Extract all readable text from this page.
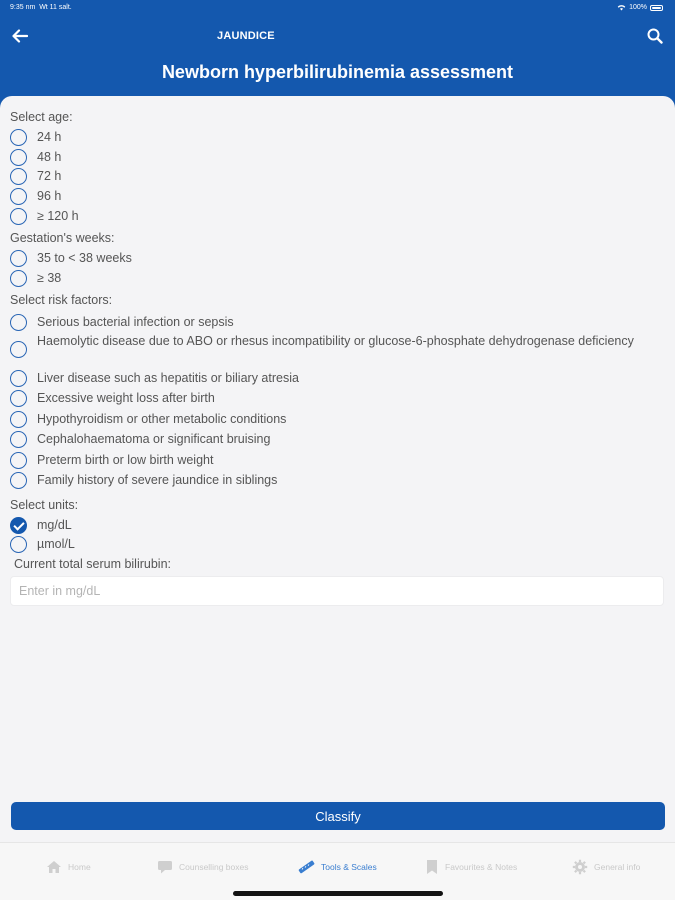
9:35 nm Wt 11 salt.	100%
JAUNDICE
Newborn hyperbilirubinemia assessment
Select age:
24 h
48 h
72 h
96 h
≥ 120 h
Gestation's weeks:
35 to < 38 weeks
≥ 38
Select risk factors:
Serious bacterial infection or sepsis
Haemolytic disease due to ABO or rhesus incompatibility or glucose-6-phosphate dehydrogenase deficiency
Liver disease such as hepatitis or biliary atresia
Excessive weight loss after birth
Hypothyroidism or other metabolic conditions
Cephalohaematoma or significant bruising
Preterm birth or low birth weight
Family history of severe jaundice in siblings
Select units:
mg/dL
µmol/L
Current total serum bilirubin:
Enter in mg/dL
Classify
Home	Counselling boxes	Tools & Scales	Favourites & Notes	General info
